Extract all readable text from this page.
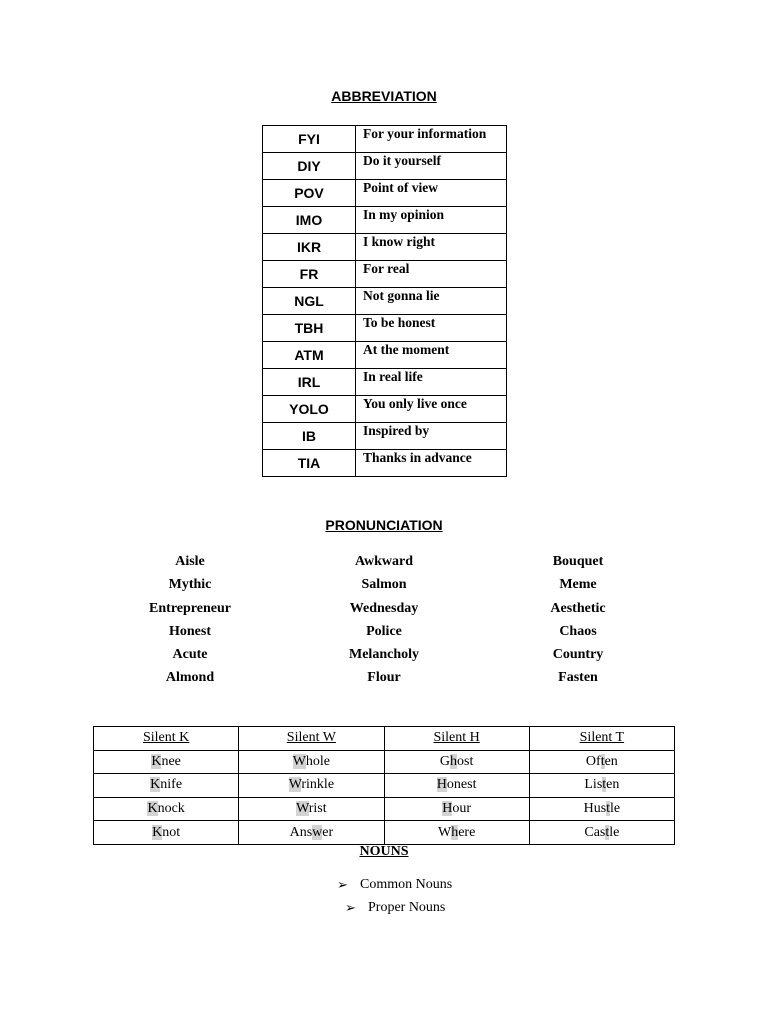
ABBREVIATION
FYI	For your information
DIY	Do it yourself
POV	Point of view
IMO	In my opinion
IKR	I know right
FR	For real
NGL	Not gonna lie
TBH	To be honest
ATM	At the moment
IRL	In real life
YOLO	You only live once
IB	Inspired by
TIA	Thanks in advance
PRONUNCIATION
Aisle	Awkward	Bouquet
Mythic	Salmon	Meme
Entrepreneur	Wednesday	Aesthetic
Honest	Police	Chaos
Acute	Melancholy	Country
Almond	Flour	Fasten
Silent K	Silent W	Silent H	Silent T
Knee	Whole	Ghost	Often
Knife	Wrinkle	Honest	Listen
Knock	Wrist	Hour	Hustle
Knot	Answer	Where	Castle
NOUNS
➢ Common Nouns
➢ Proper Nouns
